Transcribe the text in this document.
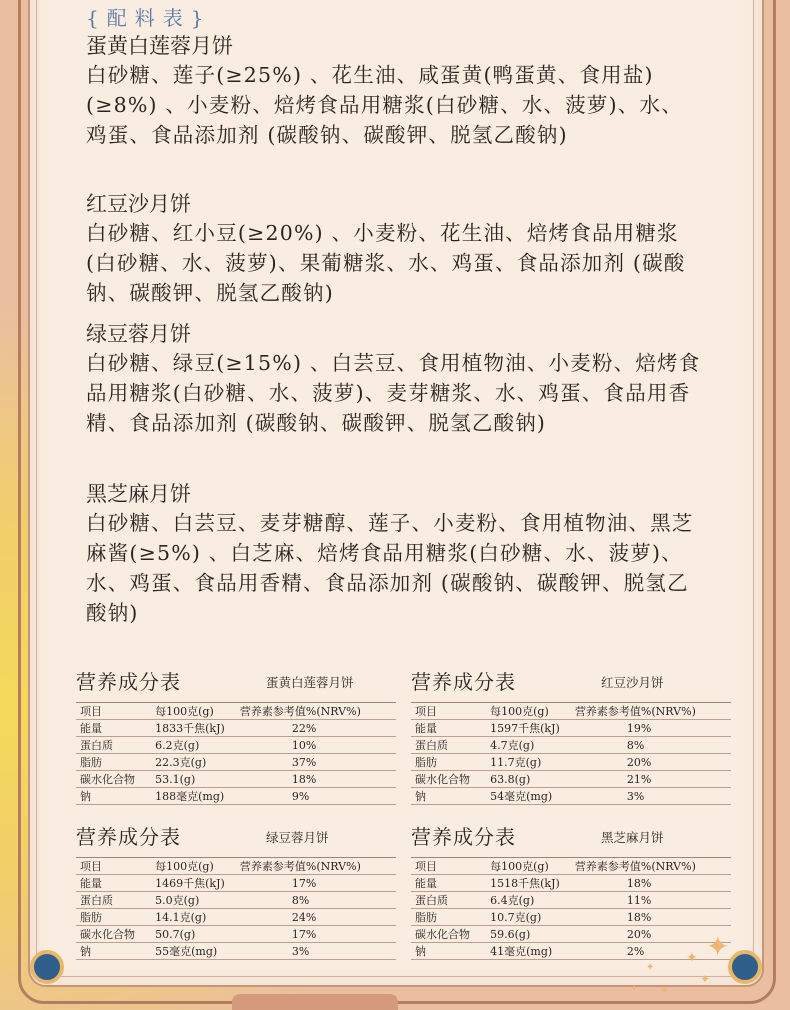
{配料表}

蛋黄白莲蓉月饼

白砂糖、莲子(≥25%) 、花生油、咸蛋黄(鸭蛋黄、食用盐)(≥8%) 、小麦粉、焙烤食品用糖浆(白砂糖、水、菠萝)、水、鸡蛋、食品添加剂 (碳酸钠、碳酸钾、脱氢乙酸钠)

红豆沙月饼

白砂糖、红小豆(≥20%) 、小麦粉、花生油、焙烤食品用糖浆(白砂糖、水、菠萝)、果葡糖浆、水、鸡蛋、食品添加剂 (碳酸钠、碳酸钾、脱氢乙酸钠)

绿豆蓉月饼

白砂糖、绿豆(≥15%) 、白芸豆、食用植物油、小麦粉、焙烤食品用糖浆(白砂糖、水、菠萝)、麦芽糖浆、水、鸡蛋、食品用香精、食品添加剂 (碳酸钠、碳酸钾、脱氢乙酸钠)

黑芝麻月饼

白砂糖、白芸豆、麦芽糖醇、莲子、小麦粉、食用植物油、黑芝麻酱(≥5%) 、白芝麻、焙烤食品用糖浆(白砂糖、水、菠萝)、水、鸡蛋、食品用香精、食品添加剂 (碳酸钠、碳酸钾、脱氢乙酸钠)

营养成分表	蛋黄白莲蓉月饼
项目	每100克(g)	营养素参考值%(NRV%)
能量	1833千焦(kJ)	22%
蛋白质	6.2克(g)	10%
脂肪	22.3克(g)	37%
碳水化合物	53.1(g)	18%
钠	188毫克(mg)	9%
营养成分表	红豆沙月饼
项目	每100克(g)	营养素参考值%(NRV%)
能量	1597千焦(kJ)	19%
蛋白质	4.7克(g)	8%
脂肪	11.7克(g)	20%
碳水化合物	63.8(g)	21%
钠	54毫克(mg)	3%
营养成分表	绿豆蓉月饼
项目	每100克(g)	营养素参考值%(NRV%)
能量	1469千焦(kJ)	17%
蛋白质	5.0克(g)	8%
脂肪	14.1克(g)	24%
碳水化合物	50.7(g)	17%
钠	55毫克(mg)	3%
营养成分表	黑芝麻月饼
项目	每100克(g)	营养素参考值%(NRV%)
能量	1518千焦(kJ)	18%
蛋白质	6.4克(g)	11%
脂肪	10.7克(g)	18%
碳水化合物	59.6(g)	20%
钠	41毫克(mg)	2% ✦
✦
✦
✦
✦
✦
